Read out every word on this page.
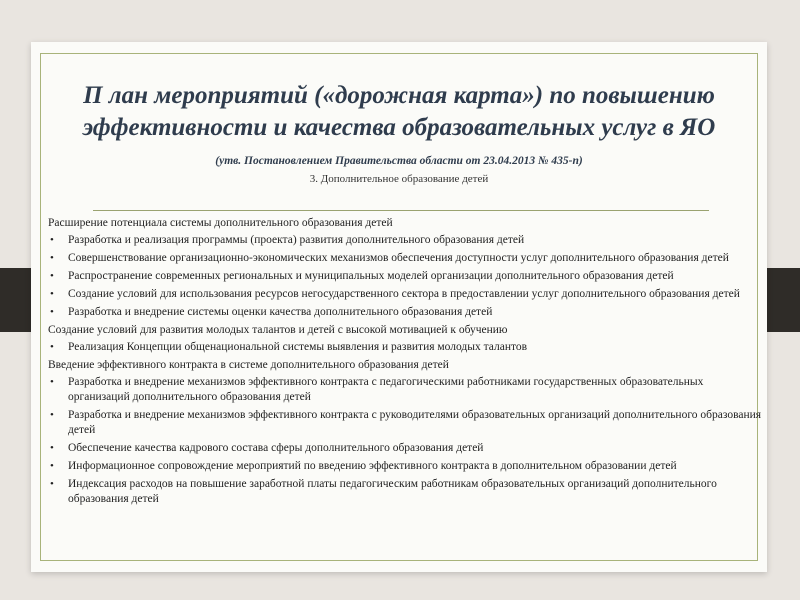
П лан мероприятий («дорожная карта») по повышению эффективности и качества образовательных услуг в ЯО
(утв. Постановлением Правительства области от 23.04.2013 № 435-п)
3. Дополнительное образование детей
Расширение потенциала системы дополнительного образования детей
• Разработка и реализация программы (проекта) развития дополнительного образования детей
• Совершенствование организационно-экономических механизмов обеспечения доступности услуг дополнительного образования детей
• Распространение современных региональных и муниципальных моделей организации дополнительного образования детей
• Создание условий для использования ресурсов негосударственного сектора в предоставлении услуг дополнительного образования детей
• Разработка и внедрение системы оценки качества дополнительного образования детей
Создание условий для развития молодых талантов и детей с высокой мотивацией к обучению
• Реализация Концепции общенациональной системы выявления и развития молодых талантов
Введение эффективного контракта в системе дополнительного образования детей
• Разработка и внедрение механизмов эффективного контракта с педагогическими работниками государственных образовательных организаций дополнительного образования детей
• Разработка и внедрение механизмов эффективного контракта с руководителями образовательных организаций дополнительного образования детей
• Обеспечение качества кадрового состава сферы дополнительного образования детей
• Информационное сопровождение мероприятий по введению эффективного контракта в дополнительном образовании детей
• Индексация расходов на повышение заработной платы педагогическим работникам образовательных организаций дополнительного образования детей
